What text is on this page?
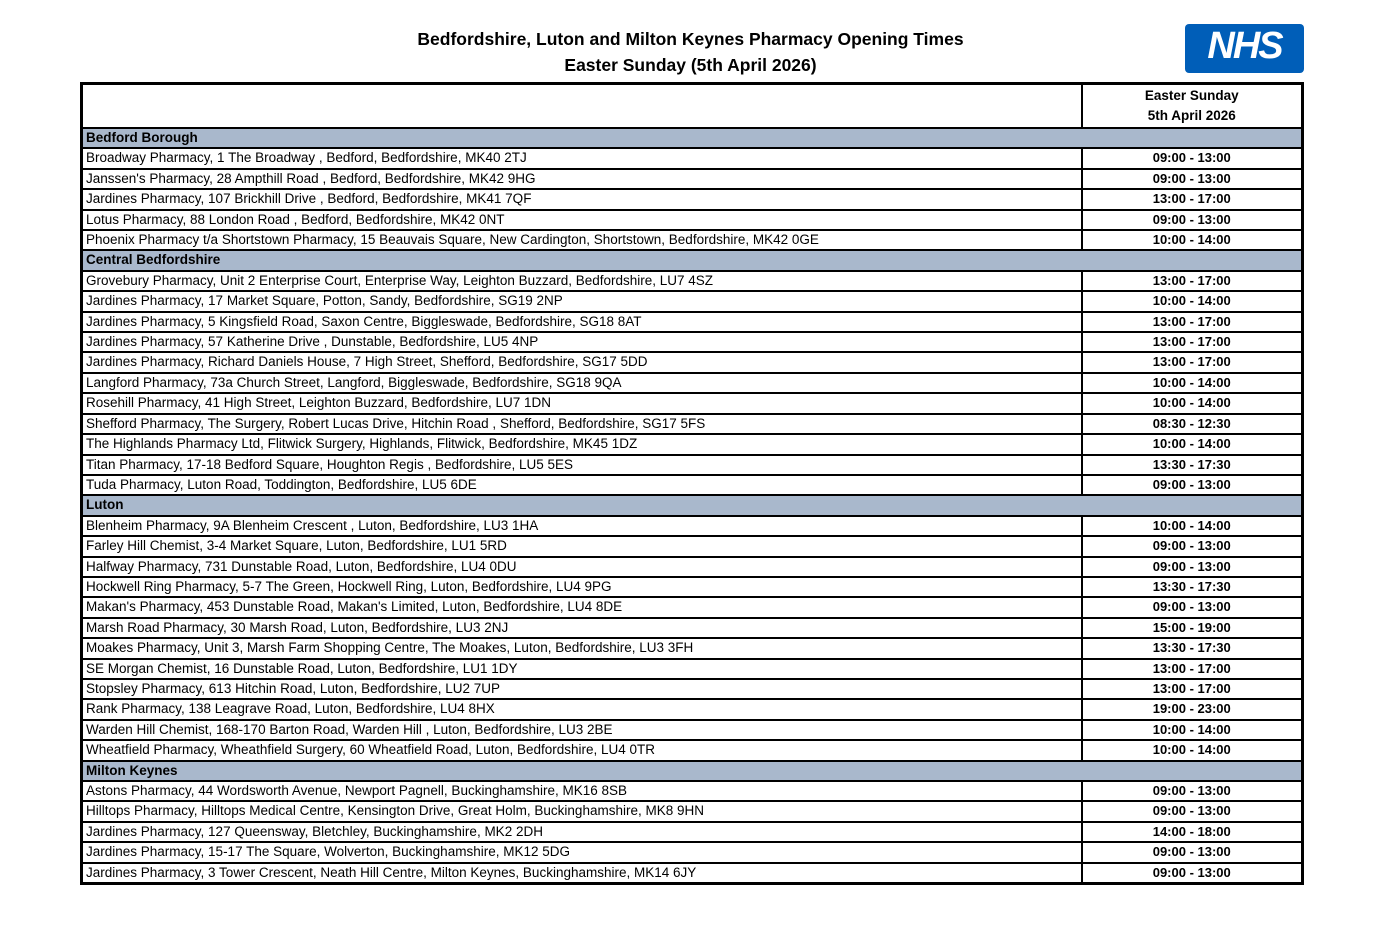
Bedfordshire, Luton and Milton Keynes Pharmacy Opening Times
Easter Sunday (5th April 2026)	NHS

	Easter Sunday
5th April 2026

Bedford Borough	
Broadway Pharmacy, 1 The Broadway , Bedford, Bedfordshire, MK40 2TJ	09:00 - 13:00
Janssen's Pharmacy, 28 Ampthill Road , Bedford, Bedfordshire, MK42 9HG	09:00 - 13:00
Jardines Pharmacy, 107 Brickhill Drive , Bedford, Bedfordshire, MK41 7QF	13:00 - 17:00
Lotus Pharmacy, 88 London Road , Bedford, Bedfordshire, MK42 0NT	09:00 - 13:00
Phoenix Pharmacy t/a Shortstown Pharmacy, 15 Beauvais Square, New Cardington, Shortstown, Bedfordshire, MK42 0GE	10:00 - 14:00
Central Bedfordshire	
Grovebury Pharmacy, Unit 2 Enterprise Court, Enterprise Way, Leighton Buzzard, Bedfordshire, LU7 4SZ	13:00 - 17:00
Jardines Pharmacy, 17 Market Square, Potton, Sandy, Bedfordshire, SG19 2NP	10:00 - 14:00
Jardines Pharmacy, 5 Kingsfield Road, Saxon Centre, Biggleswade, Bedfordshire, SG18 8AT	13:00 - 17:00
Jardines Pharmacy, 57 Katherine Drive , Dunstable, Bedfordshire, LU5 4NP	13:00 - 17:00
Jardines Pharmacy, Richard Daniels House, 7 High Street, Shefford, Bedfordshire, SG17 5DD	13:00 - 17:00
Langford Pharmacy, 73a Church Street, Langford, Biggleswade, Bedfordshire, SG18 9QA	10:00 - 14:00
Rosehill Pharmacy, 41 High Street, Leighton Buzzard, Bedfordshire, LU7 1DN	10:00 - 14:00
Shefford Pharmacy, The Surgery, Robert Lucas Drive, Hitchin Road , Shefford, Bedfordshire, SG17 5FS	08:30 - 12:30
The Highlands Pharmacy Ltd, Flitwick Surgery, Highlands, Flitwick, Bedfordshire, MK45 1DZ	10:00 - 14:00
Titan Pharmacy, 17-18 Bedford Square, Houghton Regis , Bedfordshire, LU5 5ES	13:30 - 17:30
Tuda Pharmacy, Luton Road, Toddington, Bedfordshire, LU5 6DE	09:00 - 13:00
Luton	
Blenheim Pharmacy, 9A Blenheim Crescent , Luton, Bedfordshire, LU3 1HA	10:00 - 14:00
Farley Hill Chemist, 3-4 Market Square, Luton, Bedfordshire, LU1 5RD	09:00 - 13:00
Halfway Pharmacy, 731 Dunstable Road, Luton, Bedfordshire, LU4 0DU	09:00 - 13:00
Hockwell Ring Pharmacy, 5-7 The Green, Hockwell Ring, Luton, Bedfordshire, LU4 9PG	13:30 - 17:30
Makan's Pharmacy, 453 Dunstable Road, Makan's Limited, Luton, Bedfordshire, LU4 8DE	09:00 - 13:00
Marsh Road Pharmacy, 30 Marsh Road, Luton, Bedfordshire, LU3 2NJ	15:00 - 19:00
Moakes Pharmacy, Unit 3, Marsh Farm Shopping Centre, The Moakes, Luton, Bedfordshire, LU3 3FH	13:30 - 17:30
SE Morgan Chemist, 16 Dunstable Road, Luton, Bedfordshire, LU1 1DY	13:00 - 17:00
Stopsley Pharmacy, 613 Hitchin Road, Luton, Bedfordshire, LU2 7UP	13:00 - 17:00
Rank Pharmacy, 138 Leagrave Road, Luton, Bedfordshire, LU4 8HX	19:00 - 23:00
Warden Hill Chemist, 168-170 Barton Road, Warden Hill , Luton, Bedfordshire, LU3 2BE	10:00 - 14:00
Wheatfield Pharmacy, Wheathfield Surgery, 60 Wheatfield Road, Luton, Bedfordshire, LU4 0TR	10:00 - 14:00
Milton Keynes	
Astons Pharmacy, 44 Wordsworth Avenue, Newport Pagnell, Buckinghamshire, MK16 8SB	09:00 - 13:00
Hilltops Pharmacy, Hilltops Medical Centre, Kensington Drive, Great Holm, Buckinghamshire, MK8 9HN	09:00 - 13:00
Jardines Pharmacy, 127 Queensway, Bletchley, Buckinghamshire, MK2 2DH	14:00 - 18:00
Jardines Pharmacy, 15-17 The Square, Wolverton, Buckinghamshire, MK12 5DG	09:00 - 13:00
Jardines Pharmacy, 3 Tower Crescent, Neath Hill Centre, Milton Keynes, Buckinghamshire, MK14 6JY	09:00 - 13:00
